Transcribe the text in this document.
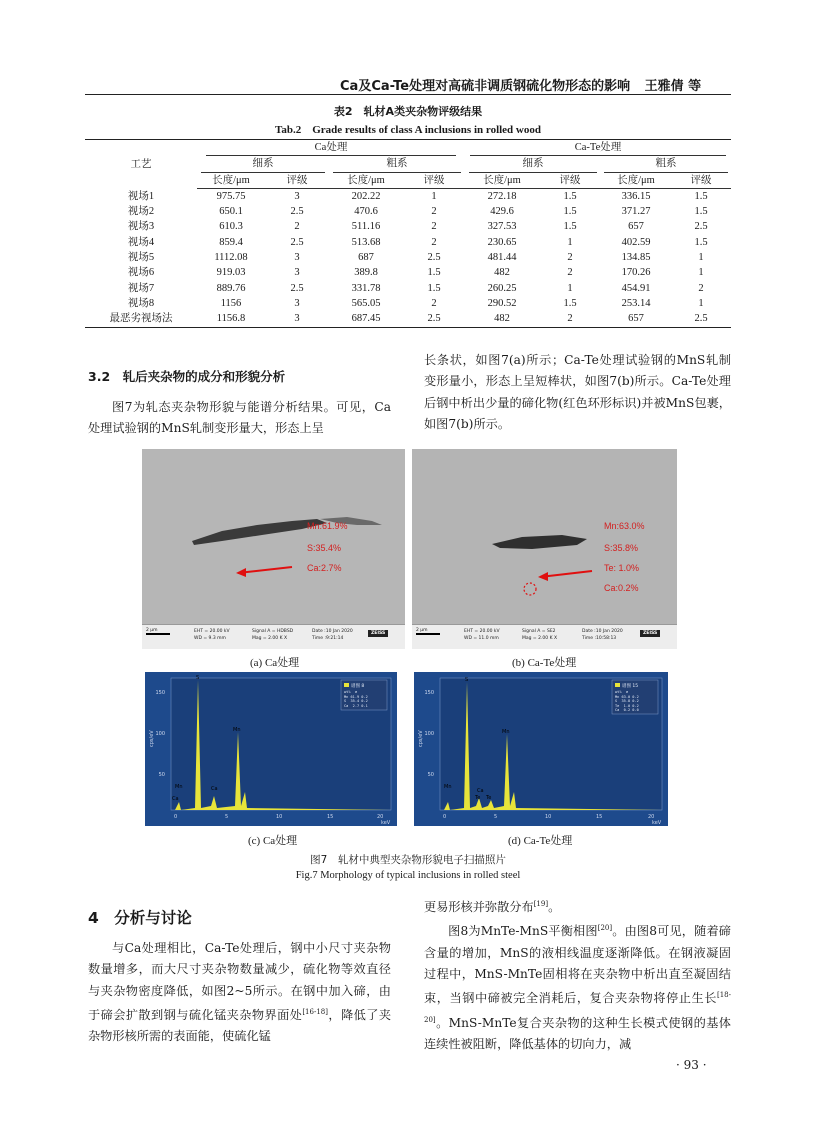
Ca及Ca-Te处理对高硫非调质钢硫化物形态的影响 王雅倩 等
表2　轧材A类夹杂物评级结果
Tab.2　Grade results of class A inclusions in rolled wood
工艺	Ca处理				Ca-Te处理			
	细系		粗系		细系		粗系	
	长度/μm	评级	长度/μm	评级	长度/μm	评级	长度/μm	评级
视场1	975.75	3	202.22	1	272.18	1.5	336.15	1.5
视场2	650.1	2.5	470.6	2	429.6	1.5	371.27	1.5
视场3	610.3	2	511.16	2	327.53	1.5	657	2.5
视场4	859.4	2.5	513.68	2	230.65	1	402.59	1.5
视场5	1112.08	3	687	2.5	481.44	2	134.85	1
视场6	919.03	3	389.8	1.5	482	2	170.26	1
视场7	889.76	2.5	331.78	1.5	260.25	1	454.91	2
视场8	1156	3	565.05	2	290.52	1.5	253.14	1
最恶劣视场法	1156.8	3	687.45	2.5	482	2	657	2.5
3.2　轧后夹杂物的成分和形貌分析
图7为轧态夹杂物形貌与能谱分析结果。可见，Ca处理试验钢的MnS轧制变形量大，形态上呈
长条状，如图7(a)所示；Ca-Te处理试验钢的MnS轧制变形量小，形态上呈短棒状，如图7(b)所示。Ca-Te处理后钢中析出少量的碲化物(红色环形标识)并被MnS包裹，如图7(b)所示。
Mn:61.9%
S:35.4%
Ca:2.7%
2 μm	EHT = 20.00 kV
WD = 9.3 mm
Signal A = HDBSD
Mag = 2.00 K X
Date :10 Jan 2020
Time :9:21:14
ZEISS
Mn:63.0%
S:35.8%
Te: 1.0%
Ca:0.2%
2 μm	EHT = 20.00 kV
WD = 11.0 mm
Signal A = SE2
Mag = 2.00 K X
Date :10 Jan 2020
Time :10:58:13
ZEISS
(a) Ca处理	(b) Ca-Te处理
150
100
50
cps/eV
0	5	10	15	20
keV
S
Mn
Mn	Ca
Ca
谱图 8
wt%  σ
Mn 61.9 0.2
S  35.4 0.2
Ca  2.7 0.1
150
100
50
cps/eV
0	5	10	15	20
keV
S
Mn
Mn
Ca
Te Te
谱图 15
wt%  σ
Mn 63.0 0.2
S  35.8 0.2
Te  1.0 0.2
Ca  0.2 0.0
(c) Ca处理	(d) Ca-Te处理
图7　轧材中典型夹杂物形貌电子扫描照片
Fig.7 Morphology of typical inclusions in rolled steel
4　分析与讨论
与Ca处理相比，Ca-Te处理后，钢中小尺寸夹杂物数量增多，而大尺寸夹杂物数量减少，硫化物等效直径与夹杂物密度降低，如图2~5所示。在钢中加入碲，由于碲会扩散到钢与硫化锰夹杂物界面处[16-18]，降低了夹杂物形核所需的表面能，使硫化锰
更易形核并弥散分布[19]。
图8为MnTe-MnS平衡相图[20]。由图8可见，随着碲含量的增加，MnS的液相线温度逐渐降低。在钢液凝固过程中，MnS-MnTe固相将在夹杂物中析出直至凝固结束，当钢中碲被完全消耗后，复合夹杂物将停止生长[18-20]。MnS-MnTe复合夹杂物的这种生长模式使钢的基体连续性被阻断，降低基体的切向力，减
· 93 ·
